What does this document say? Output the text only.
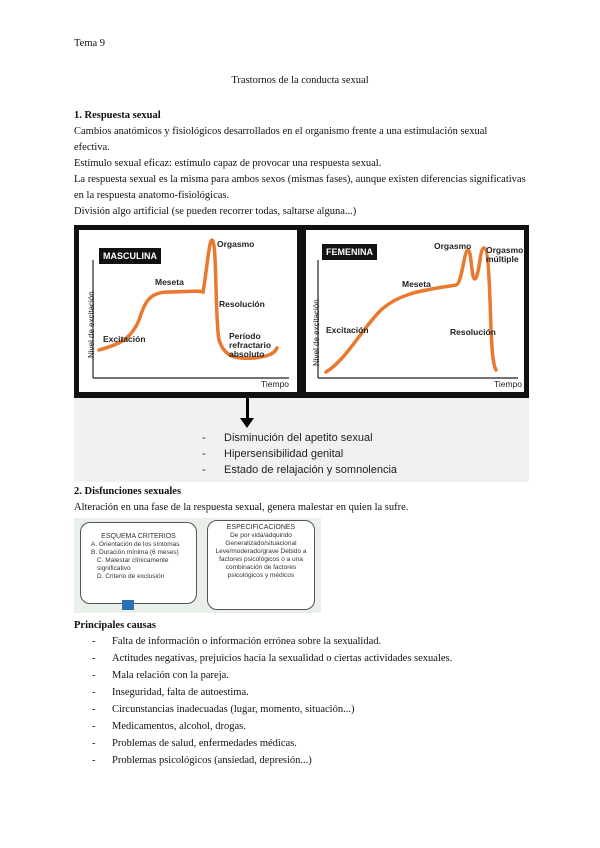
Tema 9
Trastornos de la conducta sexual
1. Respuesta sexual
Cambios anatómicos y fisiológicos desarrollados en el organismo frente a una estimulación sexual
efectiva.
Estímulo sexual eficaz: estímulo capaz de provocar una respuesta sexual.
La respuesta sexual es la misma para ambos sexos (mismas fases), aunque existen diferencias significativas
en la respuesta anatomo-fisiológicas.
División algo artificial (se pueden recorrer todas, saltarse alguna...)
MASCULINA
Nivel de excitación Excitación
Meseta
Orgasmo
Resolución
Período refractario absoluto
Tiempo
FEMENINA
Nivel de excitación Excitación
Meseta
Orgasmo Orgasmo múltiple
Resolución
Tiempo
- Disminución del apetito sexual
- Hipersensibilidad genital
- Estado de relajación y somnolencia
2. Disfunciones sexuales
Alteración en una fase de la respuesta sexual, genera malestar en quien la sufre.
ESQUEMA CRITERIOS
A. Orientación de los síntomas
B. Duración mínima (6 meses)
C. Malestar clínicamente significativo
D. Criterio de exclusión
ESPECIFICACIONES
De por vida/adquirido Generalizado/situacional Leve/moderado/grave Debido a factores psicológicos o a una combinación de factores psicológicos y médicos
Principales causas
- Falta de información o información errónea sobre la sexualidad.
- Actitudes negativas, prejuicios hacia la sexualidad o ciertas actividades sexuales.
- Mala relación con la pareja.
- Inseguridad, falta de autoestima.
- Circunstancias inadecuadas (lugar, momento, situación...)
- Medicamentos, alcohol, drogas.
- Problemas de salud, enfermedades médicas.
- Problemas psicológicos (ansiedad, depresión...)
